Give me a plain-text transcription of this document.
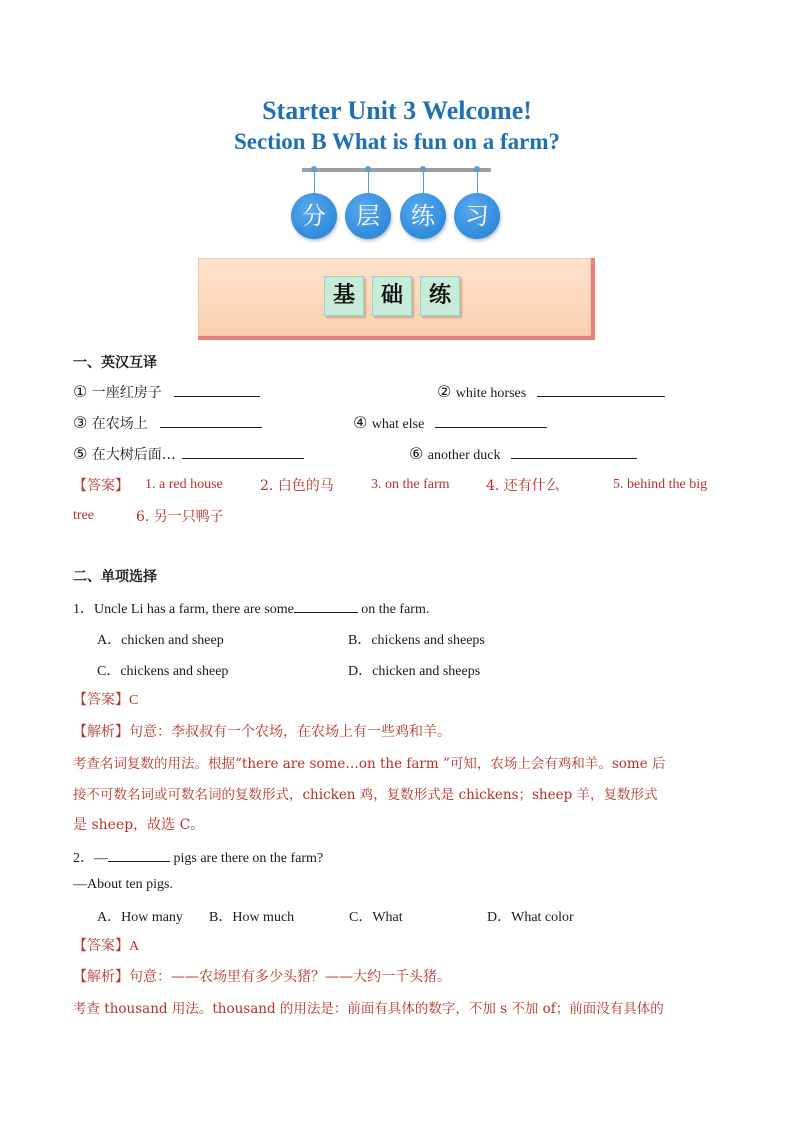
Starter Unit 3 Welcome!
Section B What is fun on a farm?
分	层	练	习
基	础	练
一、英汉互译
① 一座红房子	② white horses
③ 在农场上	④ what else
⑤ 在大树后面…	⑥ another duck
【答案】 1. a red house	2. 白色的马	3. on the farm	4. 还有什么	5. behind the big
tree	6. 另一只鸭子
二、单项选择
1．Uncle Li has a farm, there are some	on the farm.
A．chicken and sheep	B．chickens and sheeps
C．chickens and sheep	D．chicken and sheeps
【答案】C
【解析】句意：李叔叔有一个农场，在农场上有一些鸡和羊。
考查名词复数的用法。根据“there are some…on the farm ”可知，农场上会有鸡和羊。some 后
接不可数名词或可数名词的复数形式，chicken 鸡，复数形式是 chickens；sheep 羊，复数形式
是 sheep，故选 C。
2．—	pigs are there on the farm?
—About ten pigs.
A．How many B．How much	C．What	D．What color
【答案】A
【解析】句意：——农场里有多少头猪？——大约一千头猪。
考查 thousand 用法。thousand 的用法是：前面有具体的数字，不加 s 不加 of；前面没有具体的
